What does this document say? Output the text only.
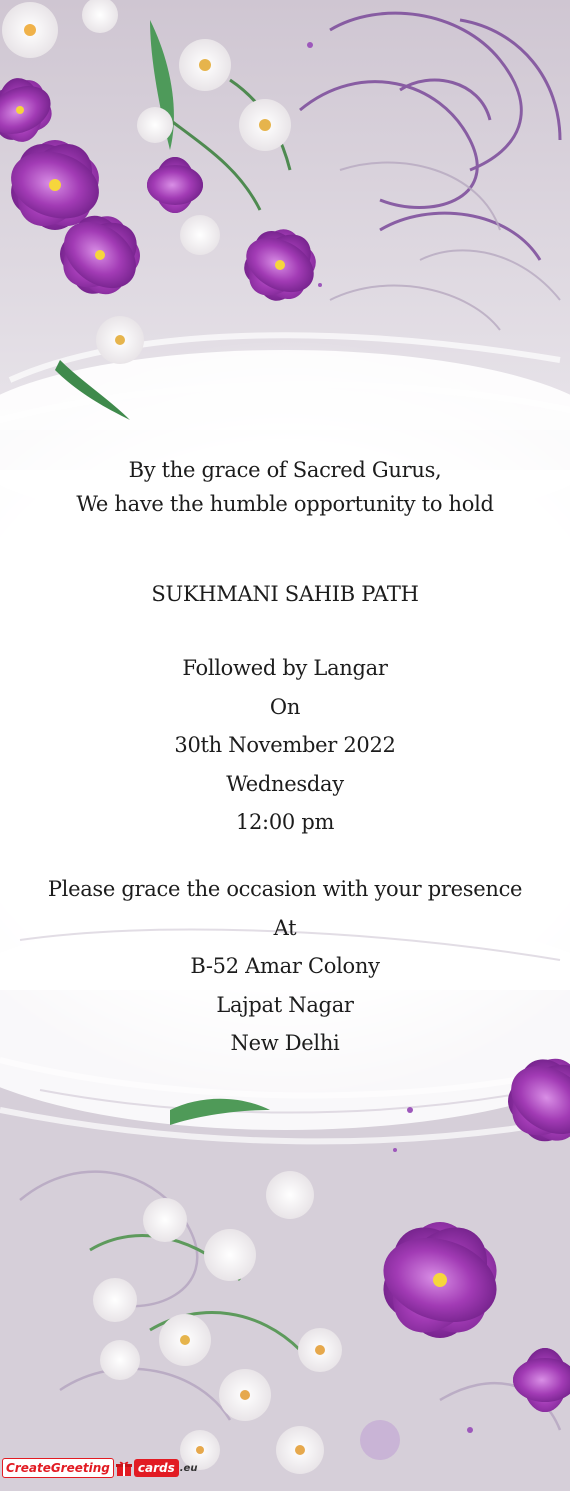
By the grace of Sacred Gurus,
We have the humble opportunity to hold
SUKHMANI SAHIB PATH
Followed by Langar
On
30th November 2022
Wednesday
12:00 pm
Please grace the occasion with your presence
At
B-52 Amar Colony
Lajpat Nagar
New Delhi
CreateGreeting	cards .eu
